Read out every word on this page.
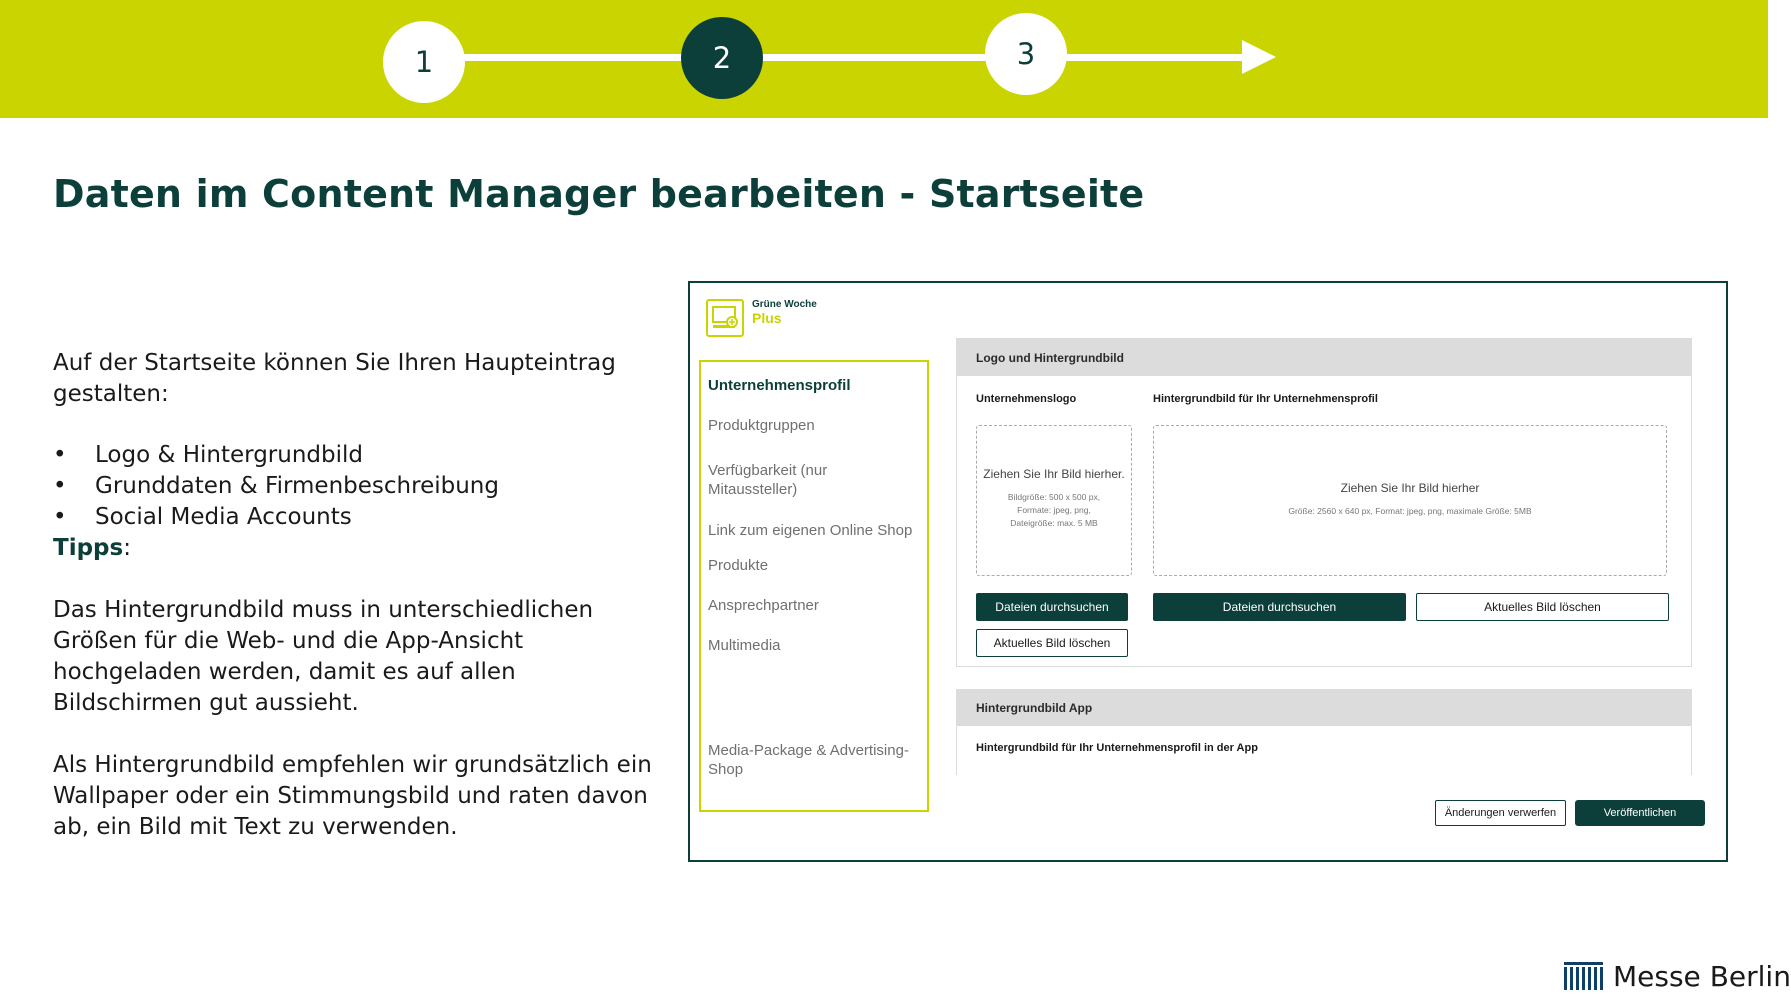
1	2	3
Daten im Content Manager bearbeiten - Startseite

Auf der Startseite können Sie Ihren Haupteintrag gestalten:

• Logo & Hintergrundbild
• Grunddaten & Firmenbeschreibung
• Social Media Accounts

Tipps:

Das Hintergrundbild muss in unterschiedlichen Größen für die Web- und die App-Ansicht hochgeladen werden, damit es auf allen Bildschirmen gut aussieht.

Als Hintergrundbild empfehlen wir grundsätzlich ein Wallpaper oder ein Stimmungsbild und raten davon ab, ein Bild mit Text zu verwenden.

Grüne Woche
Plus
Unternehmensprofil
Produktgruppen
Verfügbarkeit (nur Mitaussteller)
Link zum eigenen Online Shop
Produkte
Ansprechpartner
Multimedia
Media-Package & Advertising-Shop
Logo und Hintergrundbild
Unternehmenslogo	Hintergrundbild für Ihr Unternehmensprofil
Ziehen Sie Ihr Bild hierher.
Bildgröße: 500 x 500 px, Formate: jpeg, png, Dateigröße: max. 5 MB
Ziehen Sie Ihr Bild hierher
Größe: 2560 x 640 px, Format: jpeg, png, maximale Größe: 5MB
Dateien durchsuchen
Aktuelles Bild löschen
Dateien durchsuchen	Aktuelles Bild löschen
Hintergrundbild App
Hintergrundbild für Ihr Unternehmensprofil in der App
Änderungen verwerfen	Veröffentlichen
Messe Berlin
